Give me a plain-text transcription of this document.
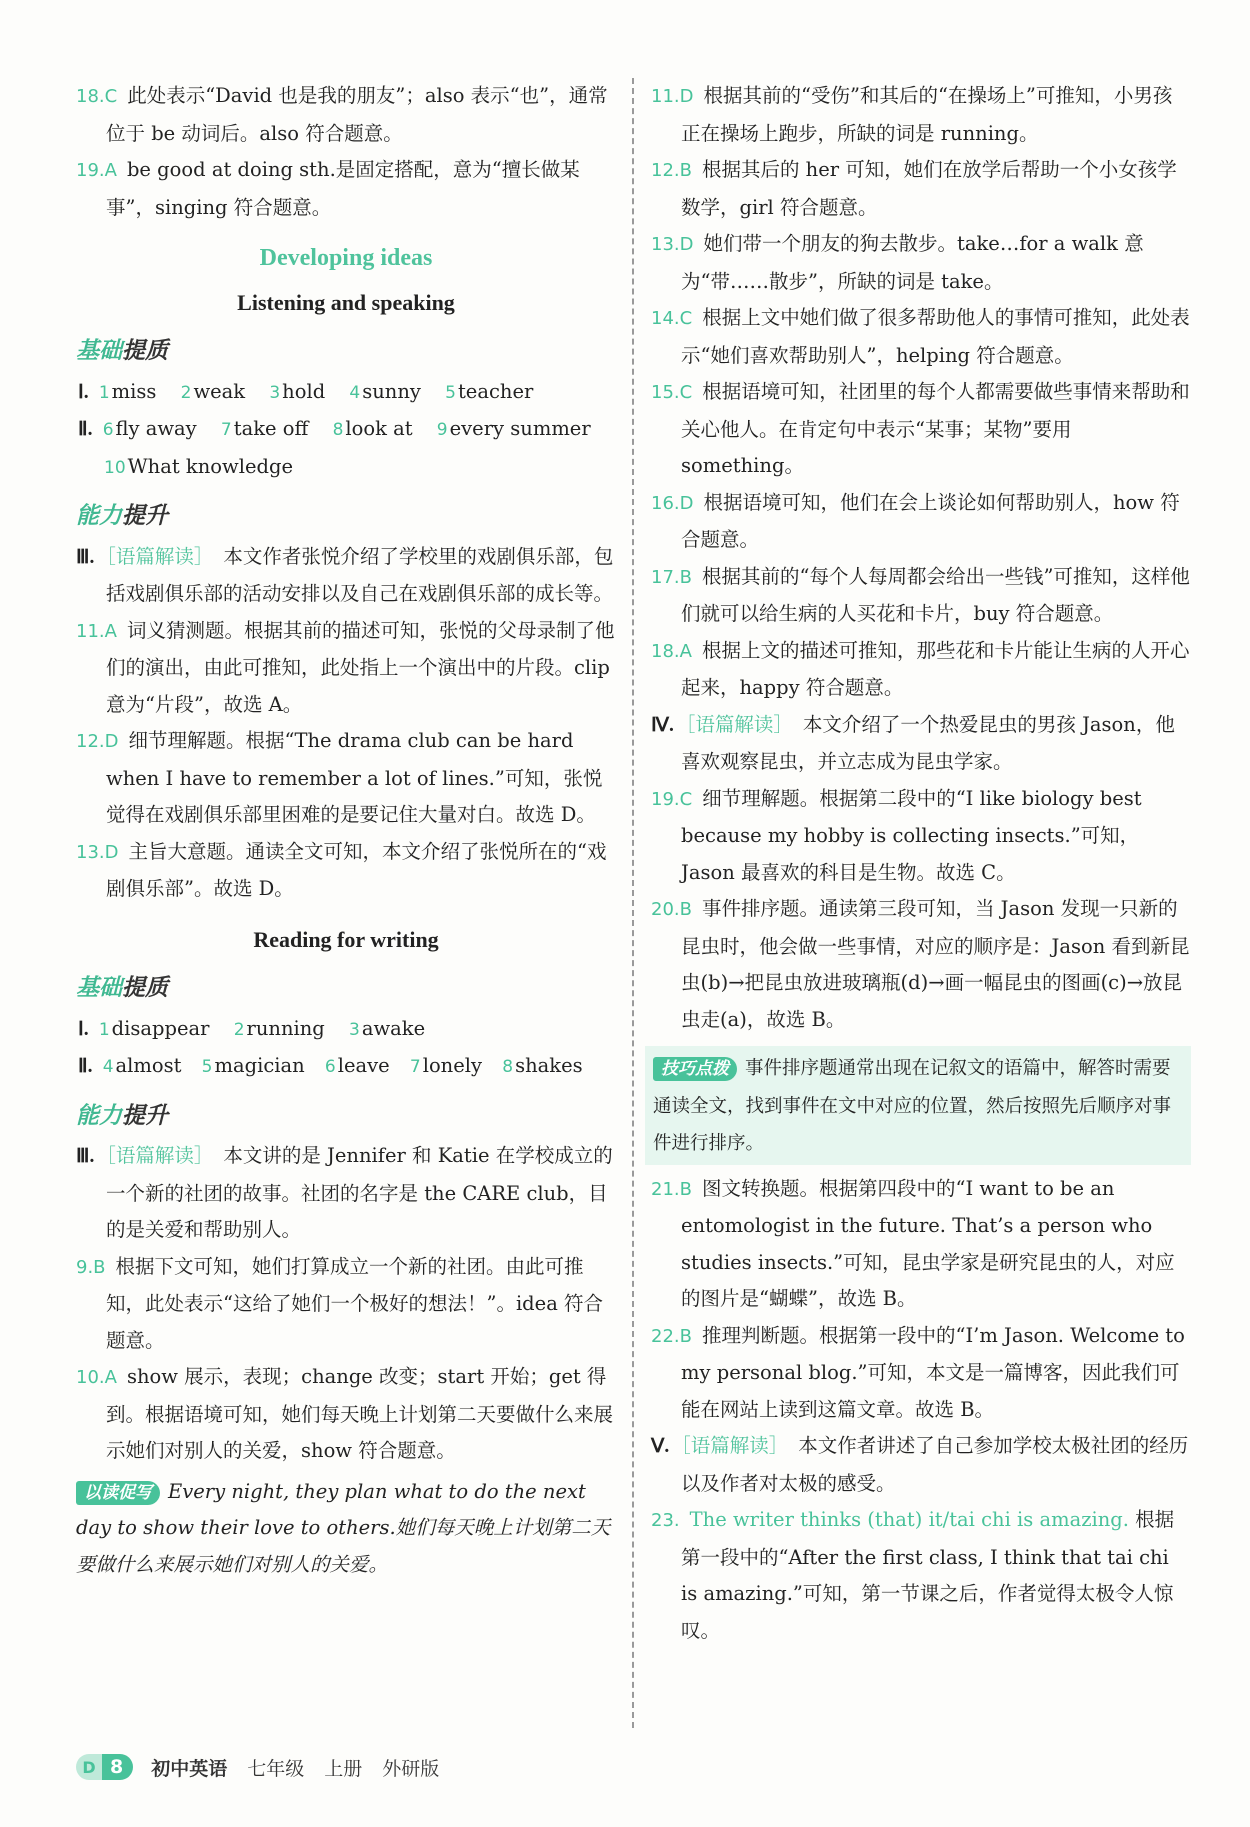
18.C 此处表示“David 也是我的朋友”；also 表示“也”，通常位于 be 动词后。also 符合题意。
19.A be good at doing sth.是固定搭配，意为“擅长做某事”，singing 符合题意。
Developing ideas
Listening and speaking
基础提质
Ⅰ. 1 miss 2 weak 3 hold 4 sunny 5 teacher
Ⅱ. 6 fly away 7 take off 8 look at 9 every summer
10 What knowledge
能力提升
Ⅲ. ［语篇解读］ 本文作者张悦介绍了学校里的戏剧俱乐部，包括戏剧俱乐部的活动安排以及自己在戏剧俱乐部的成长等。
11.A 词义猜测题。根据其前的描述可知，张悦的父母录制了他们的演出，由此可推知，此处指上一个演出中的片段。clip 意为“片段”，故选 A。
12.D 细节理解题。根据“The drama club can be hard when I have to remember a lot of lines.”可知，张悦觉得在戏剧俱乐部里困难的是要记住大量对白。故选 D。
13.D 主旨大意题。通读全文可知，本文介绍了张悦所在的“戏剧俱乐部”。故选 D。
Reading for writing
基础提质
Ⅰ. 1 disappear 2 running 3 awake
Ⅱ. 4 almost 5 magician 6 leave 7 lonely 8 shakes
能力提升
Ⅲ. ［语篇解读］ 本文讲的是 Jennifer 和 Katie 在学校成立的一个新的社团的故事。社团的名字是 the CARE club，目的是关爱和帮助别人。
9.B 根据下文可知，她们打算成立一个新的社团。由此可推知，此处表示“这给了她们一个极好的想法！”。idea 符合题意。
10.A show 展示，表现；change 改变；start 开始；get 得到。根据语境可知，她们每天晚上计划第二天要做什么来展示她们对别人的关爱，show 符合题意。
以读促写 Every night, they plan what to do the next day to show their love to others.她们每天晚上计划第二天要做什么来展示她们对别人的关爱。
11.D 根据其前的“受伤”和其后的“在操场上”可推知，小男孩正在操场上跑步，所缺的词是 running。
12.B 根据其后的 her 可知，她们在放学后帮助一个小女孩学数学，girl 符合题意。
13.D 她们带一个朋友的狗去散步。take…for a walk 意为“带……散步”，所缺的词是 take。
14.C 根据上文中她们做了很多帮助他人的事情可推知，此处表示“她们喜欢帮助别人”，helping 符合题意。
15.C 根据语境可知，社团里的每个人都需要做些事情来帮助和关心他人。在肯定句中表示“某事；某物”要用 something。
16.D 根据语境可知，他们在会上谈论如何帮助别人，how 符合题意。
17.B 根据其前的“每个人每周都会给出一些钱”可推知，这样他们就可以给生病的人买花和卡片，buy 符合题意。
18.A 根据上文的描述可推知，那些花和卡片能让生病的人开心起来，happy 符合题意。
Ⅳ. ［语篇解读］ 本文介绍了一个热爱昆虫的男孩 Jason，他喜欢观察昆虫，并立志成为昆虫学家。
19.C 细节理解题。根据第二段中的“I like biology best because my hobby is collecting insects.”可知，Jason 最喜欢的科目是生物。故选 C。
20.B 事件排序题。通读第三段可知，当 Jason 发现一只新的昆虫时，他会做一些事情，对应的顺序是：Jason 看到新昆虫(b)→把昆虫放进玻璃瓶(d)→画一幅昆虫的图画(c)→放昆虫走(a)，故选 B。
技巧点拨 事件排序题通常出现在记叙文的语篇中，解答时需要通读全文，找到事件在文中对应的位置，然后按照先后顺序对事件进行排序。
21.B 图文转换题。根据第四段中的“I want to be an entomologist in the future. That’s a person who studies insects.”可知，昆虫学家是研究昆虫的人，对应的图片是“蝴蝶”，故选 B。
22.B 推理判断题。根据第一段中的“I’m Jason. Welcome to my personal blog.”可知，本文是一篇博客，因此我们可能在网站上读到这篇文章。故选 B。
Ⅴ. ［语篇解读］ 本文作者讲述了自己参加学校太极社团的经历以及作者对太极的感受。
23. The writer thinks (that) it/tai chi is amazing. 根据第一段中的“After the first class, I think that tai chi is amazing.”可知，第一节课之后，作者觉得太极令人惊叹。
D 8	初中英语 七年级 上册 外研版
